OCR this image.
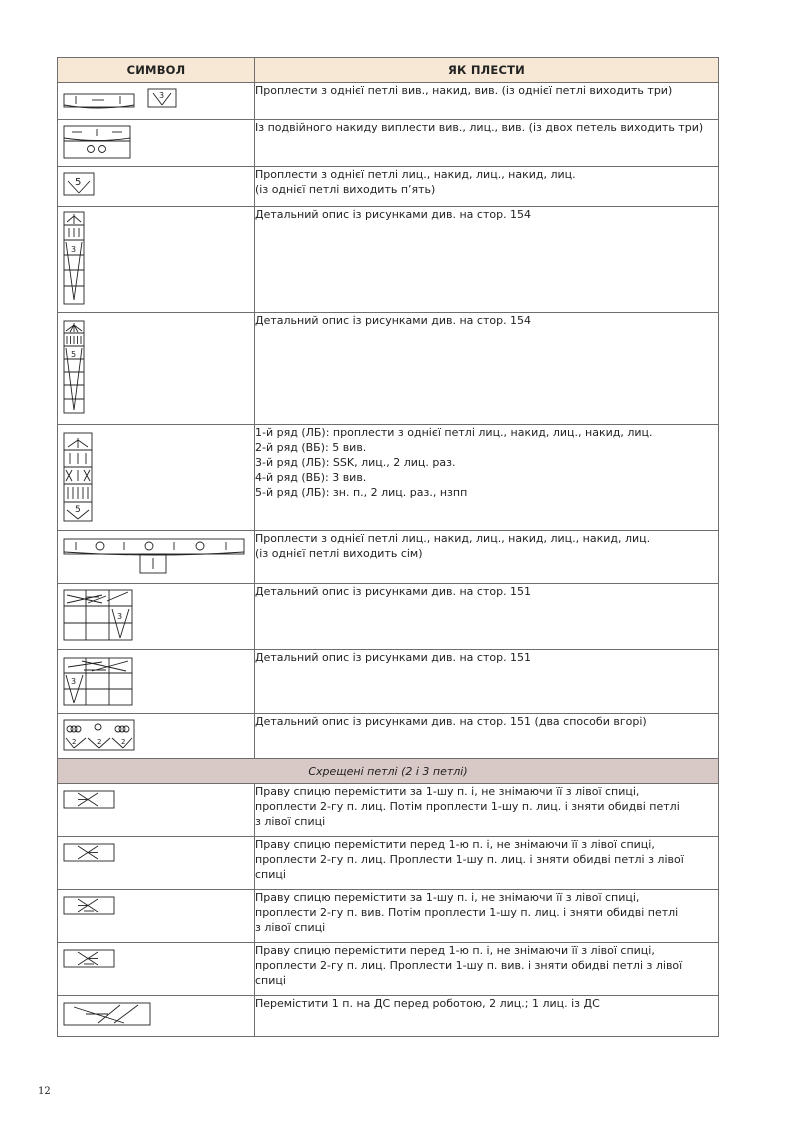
СИМВОЛ	ЯК ПЛЕСТИ

3	Проплести з однієї петлі вив., накид, вив. (із однієї петлі виходить три)

Із подвійного накиду виплести вив., лиц., вив. (із двох петель виходить три)

5	Проплести з однієї петлі лиц., накид, лиц., накид, лиц.
(із однієї петлі виходить п’ять)

3	Детальний опис із рисунками див. на стор. 154

5	Детальний опис із рисунками див. на стор. 154

5	1-й ряд (ЛБ): проплести з однієї петлі лиц., накид, лиц., накид, лиц.
2-й ряд (ВБ): 5 вив.
3-й ряд (ЛБ): SSK, лиц., 2 лиц. раз.
4-й ряд (ВБ): 3 вив.
5-й ряд (ЛБ): зн. п., 2 лиц. раз., нзпп

Проплести з однієї петлі лиц., накид, лиц., накид, лиц., накид, лиц.
(із однієї петлі виходить сім)

3	Детальний опис із рисунками див. на стор. 151

3	Детальний опис із рисунками див. на стор. 151

2 2 2	Детальний опис із рисунками див. на стор. 151 (два способи вгорі)

Схрещені петлі (2 і 3 петлі)	

Праву спицю перемістити за 1-шу п. і, не знімаючи її з лівої спиці,
проплести 2-гу п. лиц. Потім проплести 1-шу п. лиц. і зняти обидві петлі
з лівої спиці

Праву спицю перемістити перед 1-ю п. і, не знімаючи її з лівої спиці,
проплести 2-гу п. лиц. Проплести 1-шу п. лиц. і зняти обидві петлі з лівої
спиці

Праву спицю перемістити за 1-шу п. і, не знімаючи її з лівої спиці,
проплести 2-гу п. вив. Потім проплести 1-шу п. лиц. і зняти обидві петлі
з лівої спиці

Праву спицю перемістити перед 1-ю п. і, не знімаючи її з лівої спиці,
проплести 2-гу п. лиц. Проплести 1-шу п. вив. і зняти обидві петлі з лівої
спиці

Перемістити 1 п. на ДС перед роботою, 2 лиц.; 1 лиц. із ДС
12
